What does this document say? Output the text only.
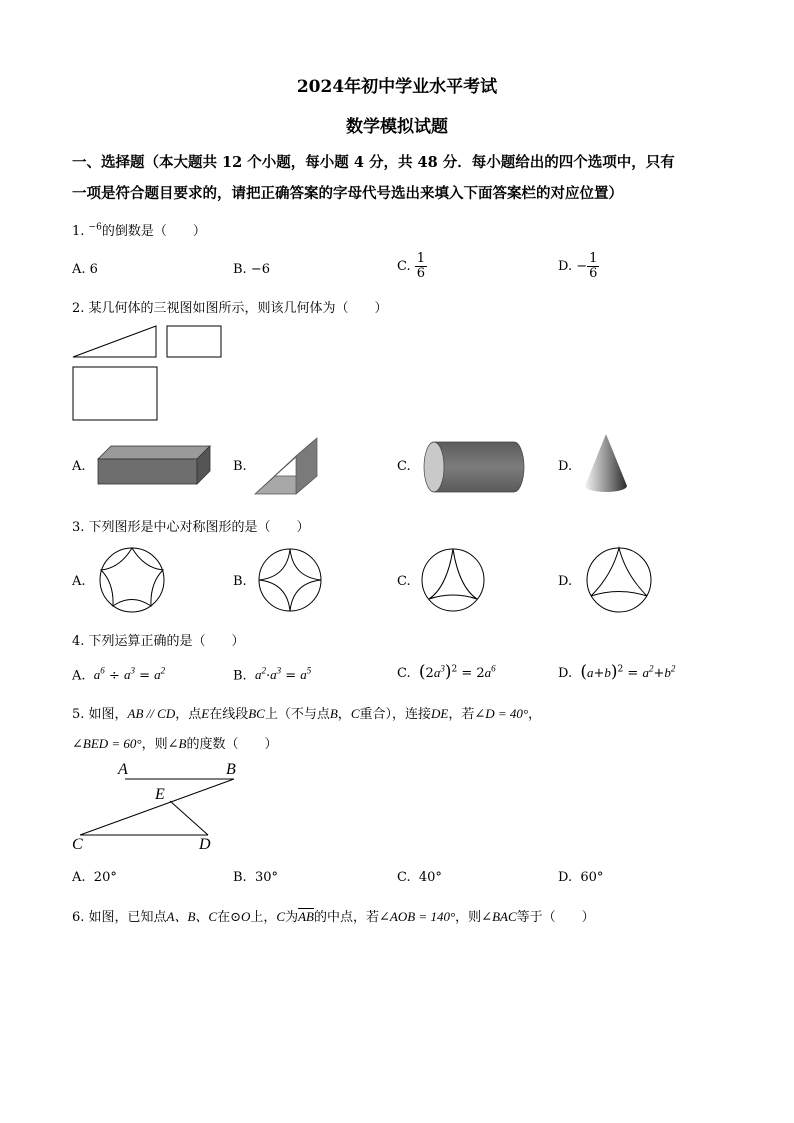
2024年初中学业水平考试
数学模拟试题
一、选择题（本大题共 12 个小题，每小题 4 分，共 48 分．每小题给出的四个选项中，只有
一项是符合题目要求的，请把正确答案的字母代号选出来填入下面答案栏的对应位置）
1. $^{-6}$的倒数是（　　）
A. 6	B. −6	C. $\frac{1}{6}$	D. − $\frac{1}{6}$
2. 某几何体的三视图如图所示，则该几何体为（　　）
A.	B.	C.	D.
3. 下列图形是中心对称图形的是（　　）
A.	B.	C.	D.
4. 下列运算正确的是（　　）
A. $a^6 \div a^3 = a^2$	B. $a^2\cdot a^3 = a^5$	C. $(2a^3)^2 = 2a^6$	D. $(a+b)^2 = a^2+b^2$
5. 如图，AB // CD，点E在线段BC上（不与点B，C重合），连接DE，若∠D = 40°，
∠BED = 60°，则∠B的度数（　　）
A	B
E
C	D
A. 20°	B. 30°	C. 40°	D. 60°
6. 如图，已知点A、B、C在⊙O上，C为$\overline{AB}$的中点，若∠AOB = 140°，则∠BAC等于（　　）
